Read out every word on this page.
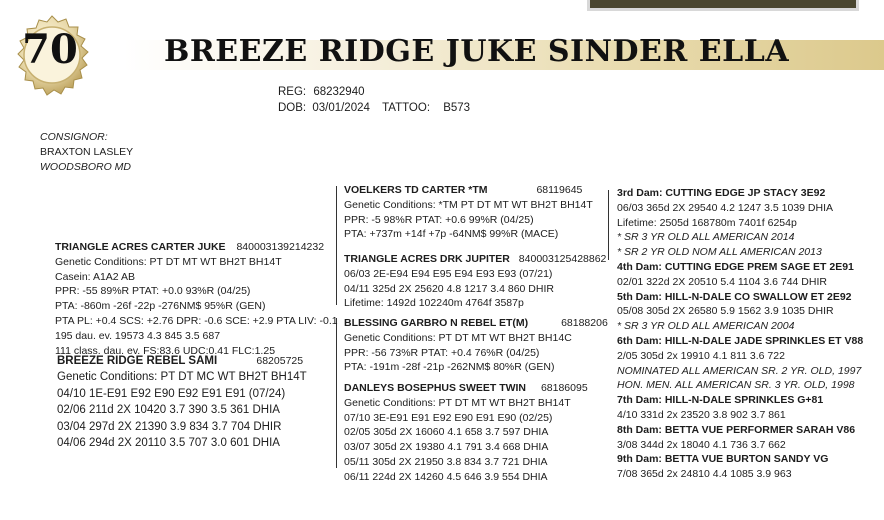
70	BREEZE RIDGE JUKE SINDER ELLA
REG: 68232940
DOB: 03/01/2024 TATTOO: B573
CONSIGNOR:
BRAXTON LASLEY
WOODSBORO MD
TRIANGLE ACRES CARTER JUKE 840003139214232
Genetic Conditions: PT DT MT WT BH2T BH14T
Casein: A1A2 AB
PPR: -55 89%R PTAT: +0.0 93%R (04/25)
PTA: -860m -26f -22p -276NM$ 95%R (GEN)
PTA PL: +0.4 SCS: +2.76 DPR: -0.6 SCE: +2.9 PTA LIV: -0.1
195 dau. ev. 19573 4.3 845 3.5 687
111 class. dau. ev. FS:83.6 UDC:0.41 FLC:1.25
BREEZE RIDGE REBEL SAMI	68205725
Genetic Conditions: PT DT MC WT BH2T BH14T
04/10 1E-E91 E92 E90 E92 E91 E91 (07/24)
02/06 211d 2X 10420 3.7 390 3.5 361 DHIA
03/04 297d 2X 21390 3.9 834 3.7 704 DHIR
04/06 294d 2X 20110 3.5 707 3.0 601 DHIA
VOELKERS TD CARTER *TM	68119645
Genetic Conditions: *TM PT DT MT WT BH2T BH14T
PPR: -5 98%R PTAT: +0.6 99%R (04/25)
PTA: +737m +14f +7p -64NM$ 99%R (MACE)
TRIANGLE ACRES DRK JUPITER 840003125428862
06/03 2E-E94 E94 E95 E94 E93 E93 (07/21)
04/11 325d 2X 25620 4.8 1217 3.4 860 DHIR
Lifetime: 1492d 102240m 4764f 3587p
BLESSING GARBRO N REBEL ET(M)	68188206
Genetic Conditions: PT DT MT WT BH2T BH14C
PPR: -56 73%R PTAT: +0.4 76%R (04/25)
PTA: -191m -28f -21p -262NM$ 80%R (GEN)
DANLEYS BOSEPHUS SWEET TWIN 68186095
Genetic Conditions: PT DT MT WT BH2T BH14T
07/10 3E-E91 E91 E92 E90 E91 E90 (02/25)
02/05 305d 2X 16060 4.1 658 3.7 597 DHIA
03/07 305d 2X 19380 4.1 791 3.4 668 DHIA
05/11 305d 2X 21950 3.8 834 3.7 721 DHIA
06/11 224d 2X 14260 4.5 646 3.9 554 DHIA
3rd Dam: CUTTING EDGE JP STACY 3E92
06/03 365d 2X 29540 4.2 1247 3.5 1039 DHIA
Lifetime: 2505d 168780m 7401f 6254p
* SR 3 YR OLD ALL AMERICAN 2014
* SR 2 YR OLD NOM ALL AMERICAN 2013
4th Dam: CUTTING EDGE PREM SAGE ET 2E91
02/01 322d 2X 20510 5.4 1104 3.6 744 DHIR
5th Dam: HILL-N-DALE CO SWALLOW ET 2E92
05/08 305d 2X 26580 5.9 1562 3.9 1035 DHIR
* SR 3 YR OLD ALL AMERICAN 2004
6th Dam: HILL-N-DALE JADE SPRINKLES ET V88
2/05 305d 2x 19910 4.1 811 3.6 722
NOMINATED ALL AMERICAN SR. 2 YR. OLD, 1997
HON. MEN. ALL AMERICAN SR. 3 YR. OLD, 1998
7th Dam: HILL-N-DALE SPRINKLES G+81
4/10 331d 2x 23520 3.8 902 3.7 861
8th Dam: BETTA VUE PERFORMER SARAH V86
3/08 344d 2x 18040 4.1 736 3.7 662
9th Dam: BETTA VUE BURTON SANDY VG
7/08 365d 2x 24810 4.4 1085 3.9 963
